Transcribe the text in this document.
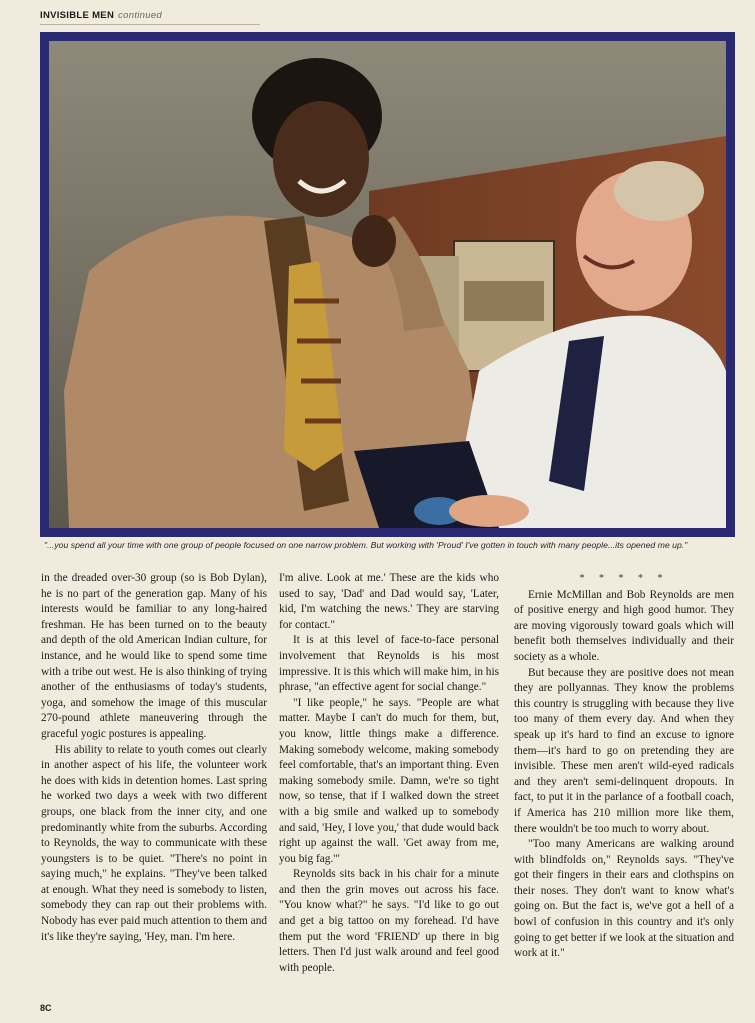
INVISIBLE MEN continued
"...you spend all your time with one group of people focused on one narrow problem. But working with 'Proud' I've gotten in touch with many people...its opened me up."

in the dreaded over-30 group (so is Bob Dylan), he is no part of the generation gap. Many of his interests would be familiar to any long-haired freshman. He has been turned on to the beauty and depth of the old American Indian culture, for instance, and he would like to spend some time with a tribe out west. He is also thinking of trying another of the enthusiasms of today's students, yoga, and somehow the image of this muscular 270-pound athlete maneuvering through the graceful yogic postures is appealing.

His ability to relate to youth comes out clearly in another aspect of his life, the volunteer work he does with kids in detention homes. Last spring he worked two days a week with two different groups, one black from the inner city, and one predominantly white from the suburbs. According to Reynolds, the way to communicate with these youngsters is to be quiet. "There's no point in saying much," he explains. "They've been talked at enough. What they need is somebody to listen, somebody they can rap out their problems with. Nobody has ever paid much attention to them and it's like they're saying, 'Hey, man. I'm here.

I'm alive. Look at me.' These are the kids who used to say, 'Dad' and Dad would say, 'Later, kid, I'm watching the news.' They are starving for contact."

It is at this level of face-to-face personal involvement that Reynolds is his most impressive. It is this which will make him, in his phrase, "an effective agent for social change."

"I like people," he says. "People are what matter. Maybe I can't do much for them, but, you know, little things make a difference. Making somebody welcome, making somebody feel comfortable, that's an important thing. Even making somebody smile. Damn, we're so tight now, so tense, that if I walked down the street with a big smile and walked up to somebody and said, 'Hey, I love you,' that dude would back right up against the wall. 'Get away from me, you big fag.'"

Reynolds sits back in his chair for a minute and then the grin moves out across his face. "You know what?" he says. "I'd like to go out and get a big tattoo on my forehead. I'd have them put the word 'FRIEND' up there in big letters. Then I'd just walk around and feel good with people.

* * * * *

Ernie McMillan and Bob Reynolds are men of positive energy and high good humor. They are moving vigorously toward goals which will benefit both themselves individually and their society as a whole.

But because they are positive does not mean they are pollyannas. They know the problems this country is struggling with because they live too many of them every day. And when they speak up it's hard to find an excuse to ignore them—it's hard to go on pretending they are invisible. These men aren't wild-eyed radicals and they aren't semi-delinquent dropouts. In fact, to put it in the parlance of a football coach, if America has 210 million more like them, there wouldn't be too much to worry about.

"Too many Americans are walking around with blindfolds on," Reynolds says. "They've got their fingers in their ears and clothspins on their noses. They don't want to know what's going on. But the fact is, we've got a hell of a bowl of confusion in this country and it's only going to get better if we look at the situation and work at it."

8C
